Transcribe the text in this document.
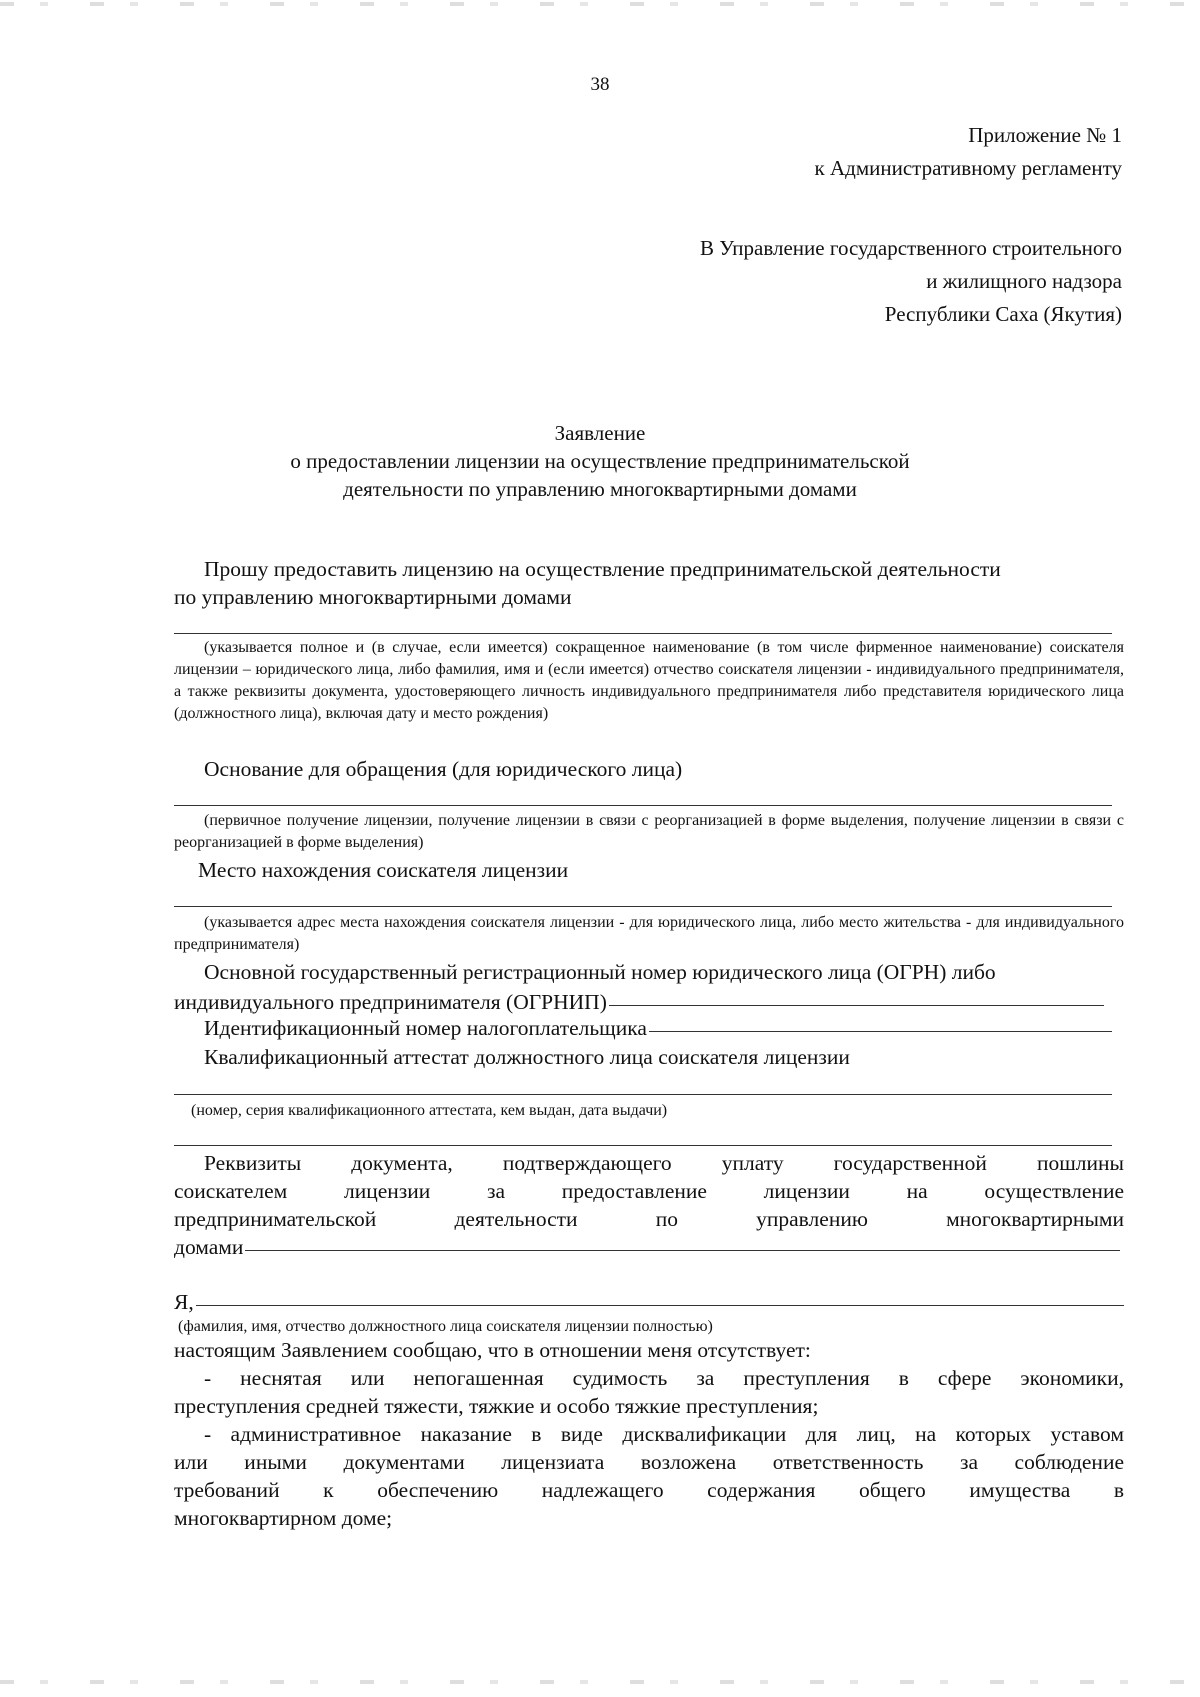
38
Приложение № 1
к Административному регламенту
В Управление государственного строительного
и жилищного надзора
Республики Саха (Якутия)
Заявление
о предоставлении лицензии на осуществление предпринимательской
деятельности по управлению многоквартирными домами
Прошу предоставить лицензию на осуществление предпринимательской деятельности
по управлению многоквартирными домами
(указывается полное и (в случае, если имеется) сокращенное наименование (в том числе фирменное наименование) соискателя лицензии – юридического лица, либо фамилия, имя и (если имеется) отчество соискателя лицензии - индивидуального предпринимателя, а также реквизиты документа, удостоверяющего личность индивидуального предпринимателя либо представителя юридического лица (должностного лица), включая дату и место рождения)
Основание для обращения (для юридического лица)
(первичное получение лицензии, получение лицензии в связи с реорганизацией в форме выделения, получение лицензии в связи с реорганизацией в форме выделения)
Место нахождения соискателя лицензии
(указывается адрес места нахождения соискателя лицензии - для юридического лица, либо место жительства - для индивидуального предпринимателя)
Основной государственный регистрационный номер юридического лица (ОГРН) либо
индивидуального предпринимателя (ОГРНИП)
Идентификационный номер налогоплательщика
Квалификационный аттестат должностного лица соискателя лицензии
(номер, серия квалификационного аттестата, кем выдан, дата выдачи)
Реквизиты документа, подтверждающего уплату государственной пошлины
соискателем лицензии за предоставление лицензии на осуществление
предпринимательской деятельности по управлению многоквартирными
домами
Я,
(фамилия, имя, отчество должностного лица соискателя лицензии полностью)
настоящим Заявлением сообщаю, что в отношении меня отсутствует:
- неснятая или непогашенная судимость за преступления в сфере экономики,
преступления средней тяжести, тяжкие и особо тяжкие преступления;
- административное наказание в виде дисквалификации для лиц, на которых уставом
или иными документами лицензиата возложена ответственность за соблюдение
требований к обеспечению надлежащего содержания общего имущества в
многоквартирном доме;
